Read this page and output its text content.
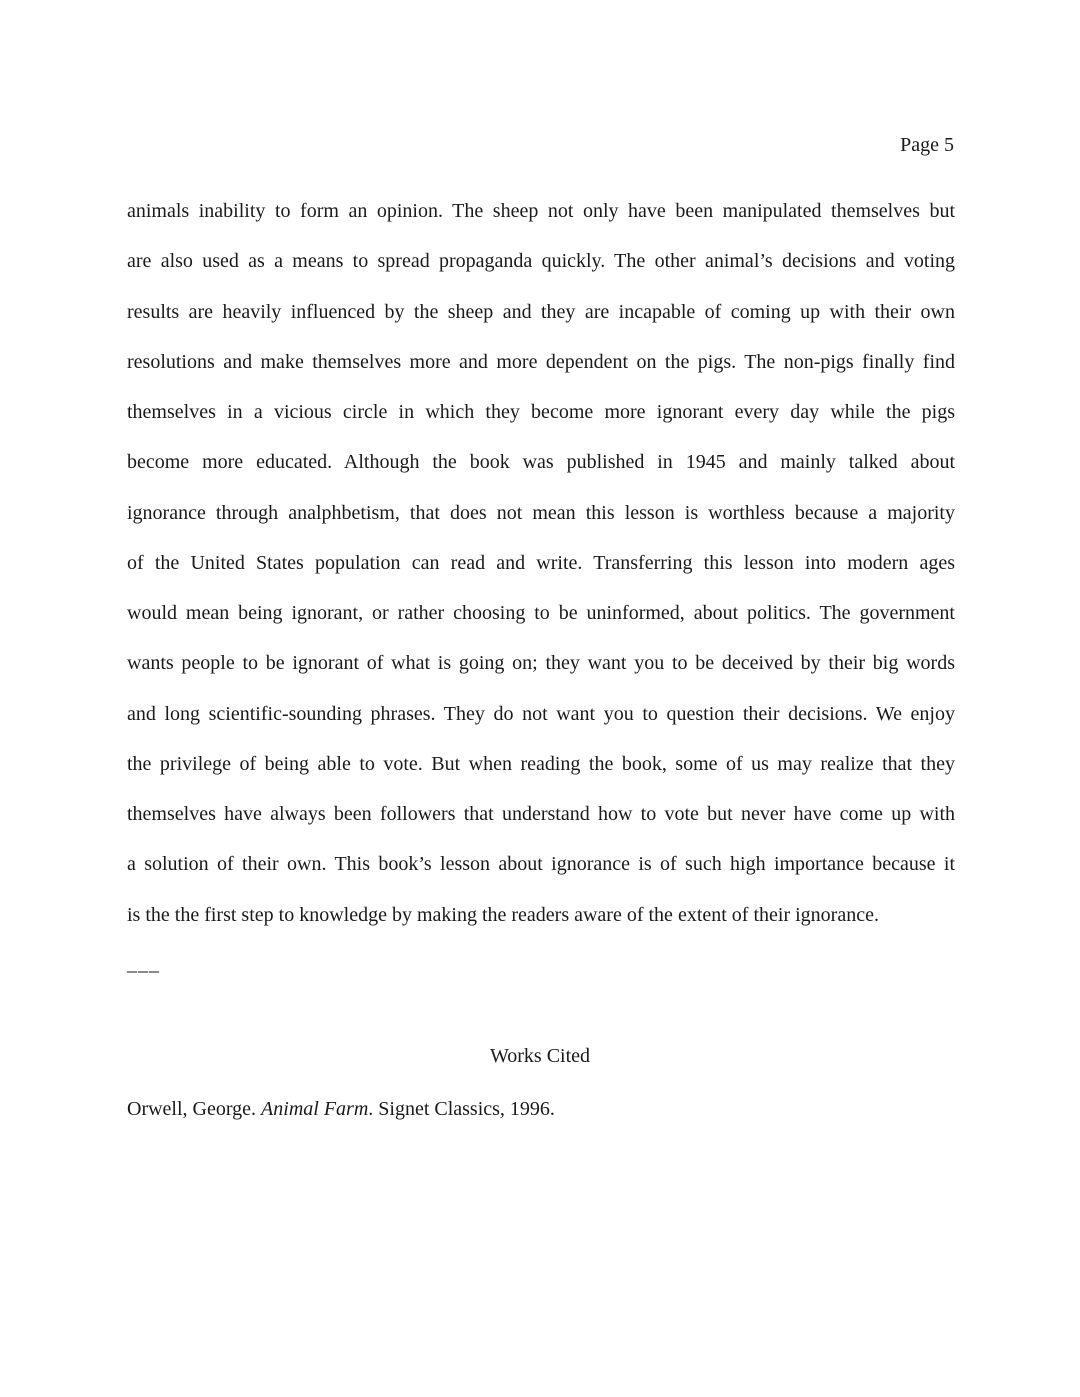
Page 5
animals inability to form an opinion. The sheep not only have been manipulated themselves but
are also used as a means to spread propaganda quickly. The other animal’s decisions and voting
results are heavily influenced by the sheep and they are incapable of coming up with their own
resolutions and make themselves more and more dependent on the pigs. The non-pigs finally find
themselves in a vicious circle in which they become more ignorant every day while the pigs
become more educated. Although the book was published in 1945 and mainly talked about
ignorance through analphbetism, that does not mean this lesson is worthless because a majority
of the United States population can read and write. Transferring this lesson into modern ages
would mean being ignorant, or rather choosing to be uninformed, about politics. The government
wants people to be ignorant of what is going on; they want you to be deceived by their big words
and long scientific-sounding phrases. They do not want you to question their decisions. We enjoy
the privilege of being able to vote. But when reading the book, some of us may realize that they
themselves have always been followers that understand how to vote but never have come up with
a solution of their own. This book’s lesson about ignorance is of such high importance because it
is the the first step to knowledge by making the readers aware of the extent of their ignorance.
___
Works Cited
Orwell, George. Animal Farm. Signet Classics, 1996.
